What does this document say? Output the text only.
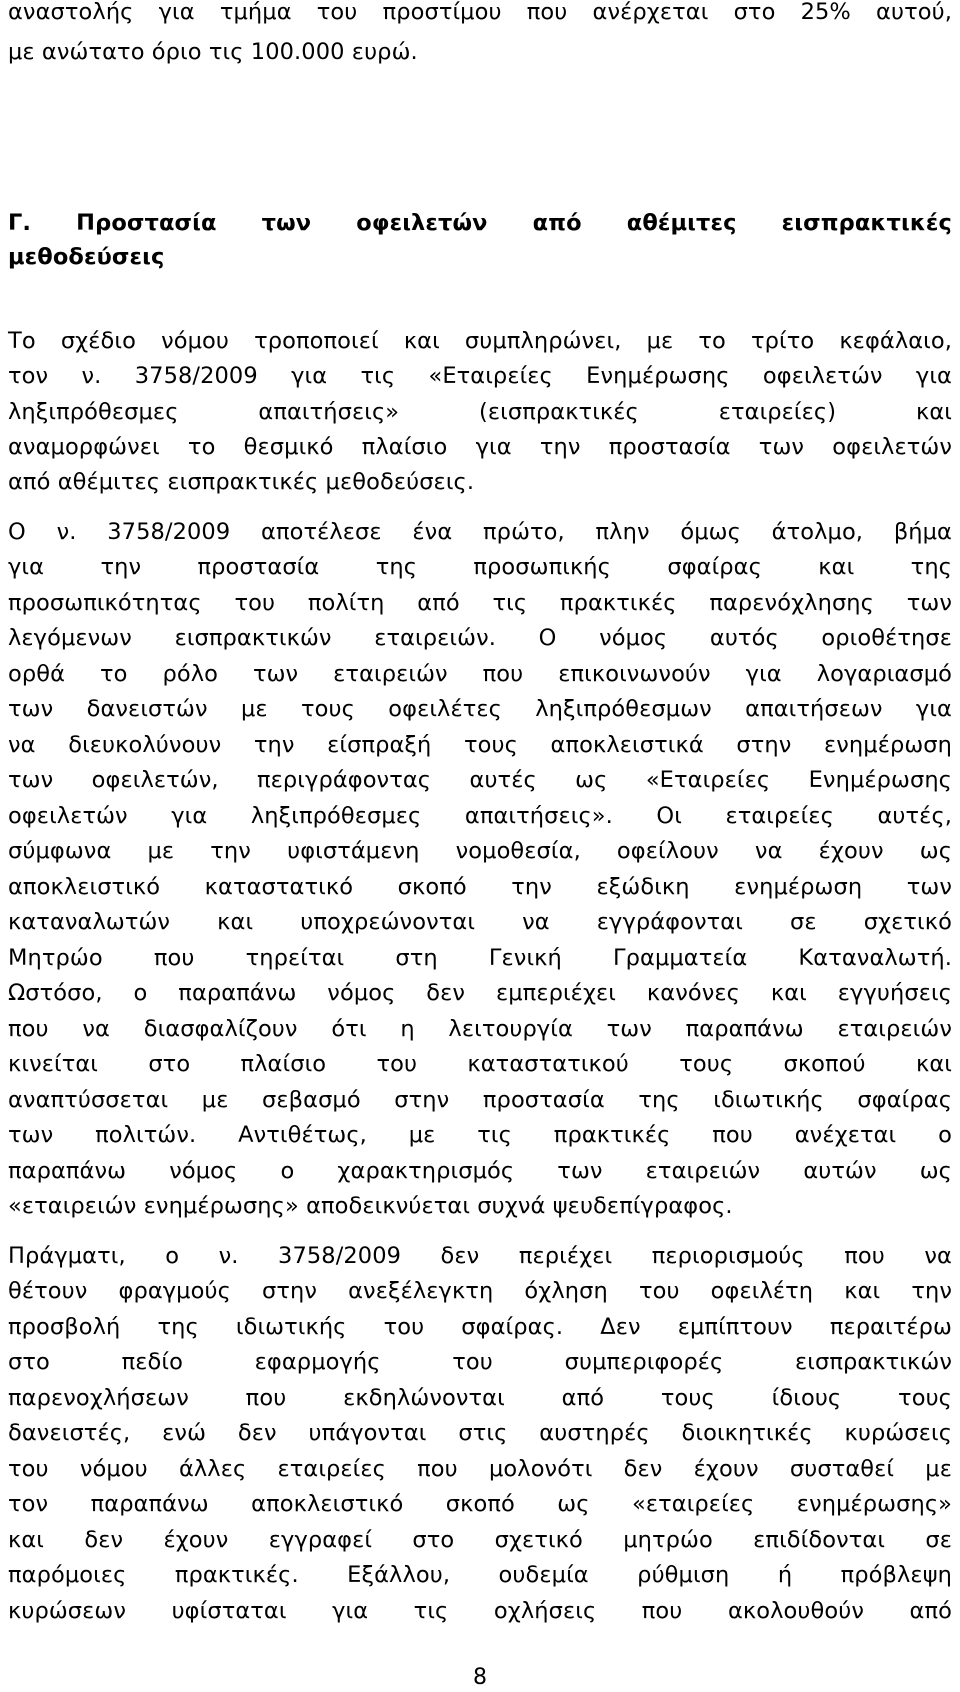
αναστολής για τμήμα του προστίμου που ανέρχεται στο 25% αυτού,
με ανώτατο όριο τις 100.000 ευρώ.
Γ. Προστασία των οφειλετών από αθέμιτες εισπρακτικές
μεθοδεύσεις
Το σχέδιο νόμου τροποποιεί και συμπληρώνει, με το τρίτο κεφάλαιο,
τον ν. 3758/2009 για τις «Εταιρείες Ενημέρωσης οφειλετών για
ληξιπρόθεσμες απαιτήσεις» (εισπρακτικές εταιρείες) και
αναμορφώνει το θεσμικό πλαίσιο για την προστασία των οφειλετών
από αθέμιτες εισπρακτικές μεθοδεύσεις.
Ο ν. 3758/2009 αποτέλεσε ένα πρώτο, πλην όμως άτολμο, βήμα
για την προστασία της προσωπικής σφαίρας και της
προσωπικότητας του πολίτη από τις πρακτικές παρενόχλησης των
λεγόμενων εισπρακτικών εταιρειών. Ο νόμος αυτός οριοθέτησε
ορθά το ρόλο των εταιρειών που επικοινωνούν για λογαριασμό
των δανειστών με τους οφειλέτες ληξιπρόθεσμων απαιτήσεων για
να διευκολύνουν την είσπραξή τους αποκλειστικά στην ενημέρωση
των οφειλετών, περιγράφοντας αυτές ως «Εταιρείες Ενημέρωσης
οφειλετών για ληξιπρόθεσμες απαιτήσεις». Οι εταιρείες αυτές,
σύμφωνα με την υφιστάμενη νομοθεσία, οφείλουν να έχουν ως
αποκλειστικό καταστατικό σκοπό την εξώδικη ενημέρωση των
καταναλωτών και υποχρεώνονται να εγγράφονται σε σχετικό
Μητρώο που τηρείται στη Γενική Γραμματεία Καταναλωτή.
Ωστόσο, ο παραπάνω νόμος δεν εμπεριέχει κανόνες και εγγυήσεις
που να διασφαλίζουν ότι η λειτουργία των παραπάνω εταιρειών
κινείται στο πλαίσιο του καταστατικού τους σκοπού και
αναπτύσσεται με σεβασμό στην προστασία της ιδιωτικής σφαίρας
των πολιτών. Αντιθέτως, με τις πρακτικές που ανέχεται ο
παραπάνω νόμος ο χαρακτηρισμός των εταιρειών αυτών ως
«εταιρειών ενημέρωσης» αποδεικνύεται συχνά ψευδεπίγραφος.
Πράγματι, ο ν. 3758/2009 δεν περιέχει περιορισμούς που να
θέτουν φραγμούς στην ανεξέλεγκτη όχληση του οφειλέτη και την
προσβολή της ιδιωτικής του σφαίρας. Δεν εμπίπτουν περαιτέρω
στο πεδίο εφαρμογής του συμπεριφορές εισπρακτικών
παρενοχλήσεων που εκδηλώνονται από τους ίδιους τους
δανειστές, ενώ δεν υπάγονται στις αυστηρές διοικητικές κυρώσεις
του νόμου άλλες εταιρείες που μολονότι δεν έχουν συσταθεί με
τον παραπάνω αποκλειστικό σκοπό ως «εταιρείες ενημέρωσης»
και δεν έχουν εγγραφεί στο σχετικό μητρώο επιδίδονται σε
παρόμοιες πρακτικές. Εξάλλου, ουδεμία ρύθμιση ή πρόβλεψη
κυρώσεων υφίσταται για τις οχλήσεις που ακολουθούν από
8
